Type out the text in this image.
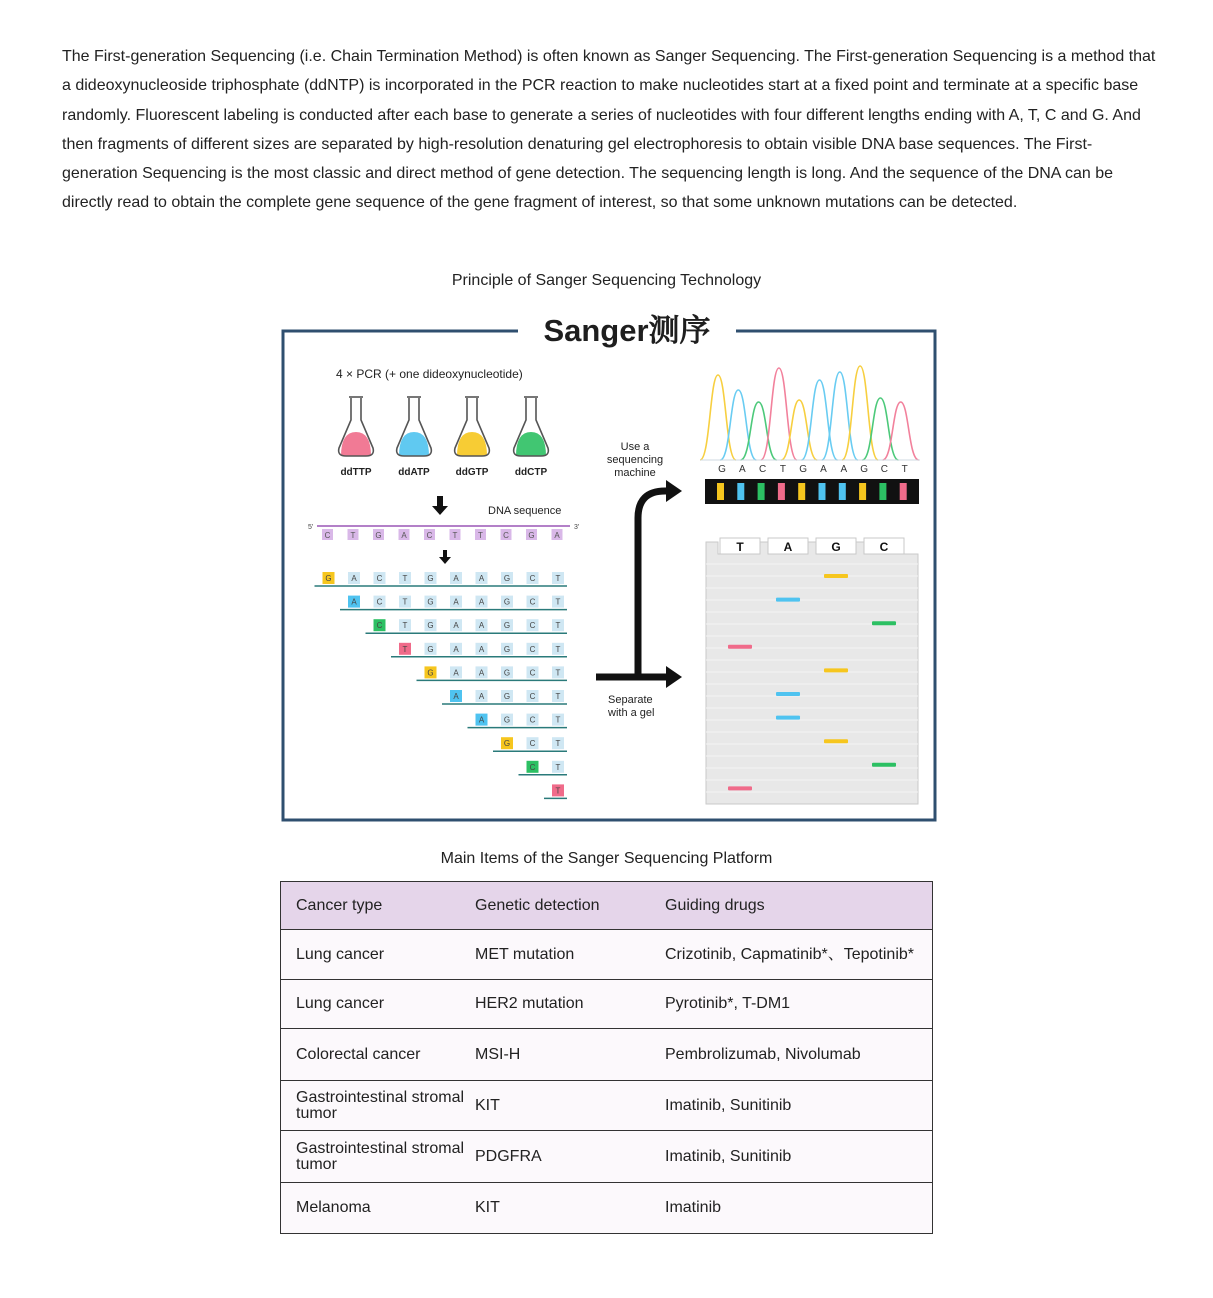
The First-generation Sequencing (i.e. Chain Termination Method) is often known as Sanger Sequencing. The First-generation Sequencing is a method that a dideoxynucleoside triphosphate (ddNTP) is incorporated in the PCR reaction to make nucleotides start at a fixed point and terminate at a specific base randomly. Fluorescent labeling is conducted after each base to generate a series of nucleotides with four different lengths ending with A, T, C and G. And then fragments of different sizes are separated by high-resolution denaturing gel electrophoresis to obtain visible DNA base sequences. The First-generation Sequencing is the most classic and direct method of gene detection. The sequencing length is long. And the sequence of the DNA can be directly read to obtain the complete gene sequence of the gene fragment of interest, so that some unknown mutations can be detected.

Principle of Sanger Sequencing Technology
Sanger测序
4 × PCR (+ one dideoxynucleotide)
ddTTP	ddATP	ddGTP	ddCTP
DNA sequence
5'	3'
C	T G A C	T	T	C G A
G A C	T G A	A G C	T
A C	T G A	A G C	T
C	T G A	A G C	T
T G A	A G C	T
G A	A G C	T
A	A G C	T
A G C	T
G C	T
C	T
T
Use a
sequencing
machine
Separate
with a gel
G A C T G A A G C T
T	A	G	C
Main Items of the Sanger Sequencing Platform
Cancer type	Genetic detection	Guiding drugs
Lung cancer	MET mutation	Crizotinib, Capmatinib*、Tepotinib*
Lung cancer	HER2 mutation	Pyrotinib*, T-DM1
Colorectal cancer	MSI-H	Pembrolizumab, Nivolumab
Gastrointestinal stromal tumor	KIT	Imatinib, Sunitinib
Gastrointestinal stromal tumor	PDGFRA	Imatinib, Sunitinib
Melanoma	KIT	Imatinib
